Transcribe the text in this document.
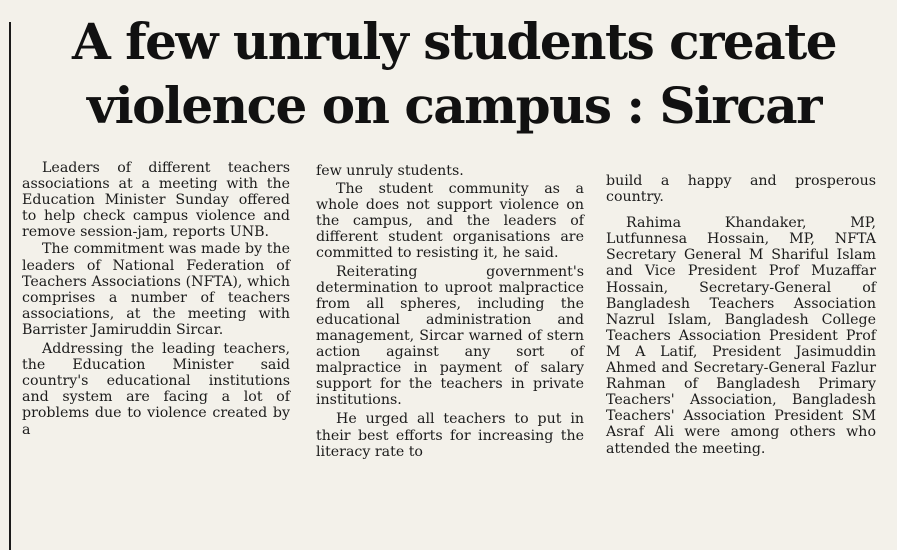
A few unruly students create
violence on campus : Sircar

Leaders of different teachers associations at a meeting with the Education Minister Sunday offered to help check campus violence and remove session-jam, reports UNB.

The commitment was made by the leaders of National Federation of Teachers Associations (NFTA), which comprises a number of teachers associations, at the meeting with Barrister Jamiruddin Sircar.

Addressing the leading teachers, the Education Minister said country's educational institutions and system are facing a lot of problems due to violence created by a

few unruly students.

The student community as a whole does not support violence on the campus, and the leaders of different student organisations are committed to resisting it, he said.

Reiterating government's determination to uproot malpractice from all spheres, including the educational administration and management, Sircar warned of stern action against any sort of malpractice in payment of salary support for the teachers in private institutions.

He urged all teachers to put in their best efforts for increasing the literacy rate to

build a happy and prosperous country.

Rahima Khandaker, MP, Lutfunnesa Hossain, MP, NFTA Secretary General M Shariful Islam and Vice President Prof Muzaffar Hossain, Secretary-General of Bangladesh Teachers Association Nazrul Islam, Bangladesh College Teachers Association President Prof M A Latif, President Jasimuddin Ahmed and Secretary-General Fazlur Rahman of Bangladesh Primary Teachers' Association, Bangladesh Teachers' Association President SM Asraf Ali were among others who attended the meeting.
